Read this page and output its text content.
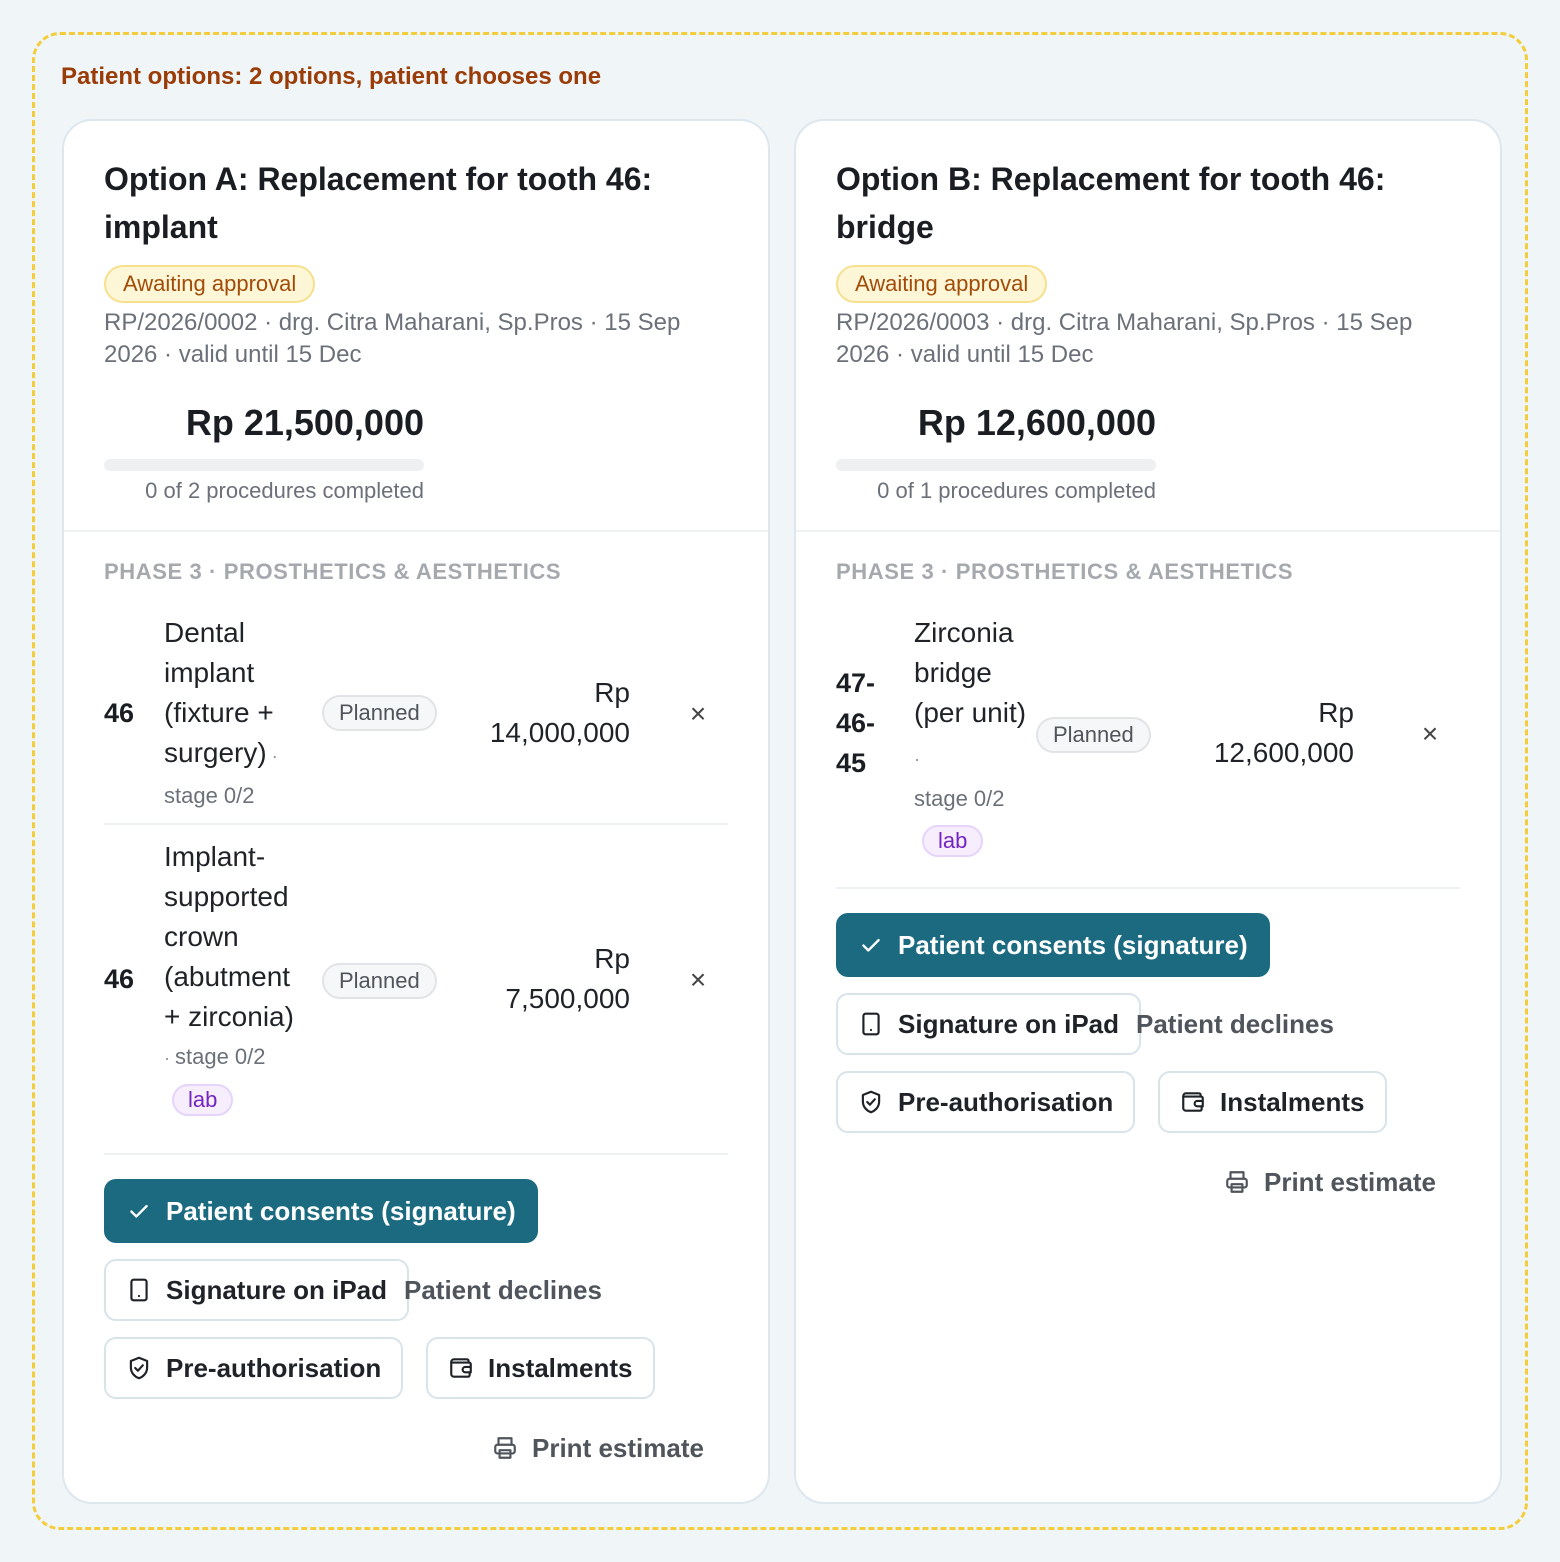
Patient options: 2 options, patient chooses one
Option A: Replacement for tooth 46: implant
Awaiting approval
RP/2026/0002 · drg. Citra Maharani, Sp.Pros · 15 Sep 2026 · valid until 15 Dec
Rp 21,500,000
0 of 2 procedures completed
PHASE 3 · PROSTHETICS & AESTHETICS
46
Dental implant (fixture + surgery) ·
stage 0/2
Planned
Rp 14,000,000
×
46
Implant-supported crown (abutment + zirconia)
· stage 0/2
lab
Planned
Rp 7,500,000
×
Patient consents (signature)
Signature on iPad Patient declines
Pre-authorisation	Instalments
Print estimate
Option B: Replacement for tooth 46: bridge
Awaiting approval
RP/2026/0003 · drg. Citra Maharani, Sp.Pros · 15 Sep 2026 · valid until 15 Dec
Rp 12,600,000
0 of 1 procedures completed
PHASE 3 · PROSTHETICS & AESTHETICS
47-46-45
Zirconia bridge (per unit) ·
stage 0/2
lab
Planned
Rp 12,600,000
×
Patient consents (signature)
Signature on iPad Patient declines
Pre-authorisation	Instalments
Print estimate
